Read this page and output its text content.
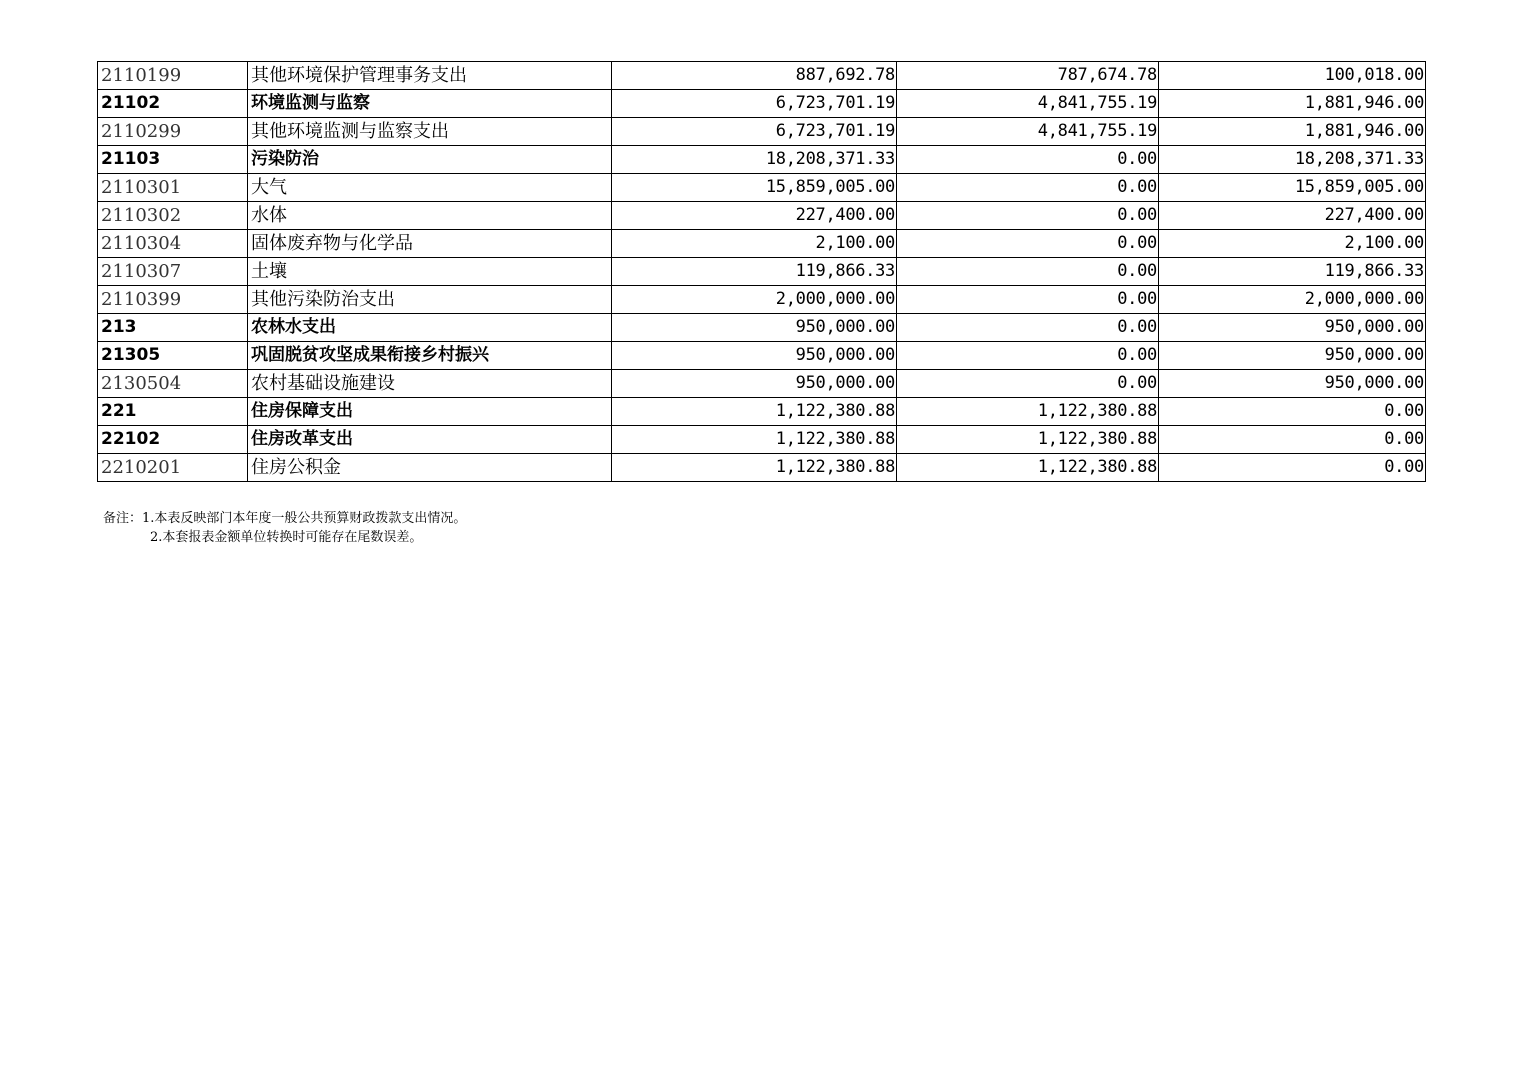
2110199	其他环境保护管理事务支出	887,692.78	787,674.78	100,018.00
21102	环境监测与监察	6,723,701.19	4,841,755.19	1,881,946.00
2110299	其他环境监测与监察支出	6,723,701.19	4,841,755.19	1,881,946.00
21103	污染防治	18,208,371.33	0.00	18,208,371.33
2110301	大气	15,859,005.00	0.00	15,859,005.00
2110302	水体	227,400.00	0.00	227,400.00
2110304	固体废弃物与化学品	2,100.00	0.00	2,100.00
2110307	土壤	119,866.33	0.00	119,866.33
2110399	其他污染防治支出	2,000,000.00	0.00	2,000,000.00
213	农林水支出	950,000.00	0.00	950,000.00
21305	巩固脱贫攻坚成果衔接乡村振兴	950,000.00	0.00	950,000.00
2130504	农村基础设施建设	950,000.00	0.00	950,000.00
221	住房保障支出	1,122,380.88	1,122,380.88	0.00
22102	住房改革支出	1,122,380.88	1,122,380.88	0.00
2210201	住房公积金	1,122,380.88	1,122,380.88	0.00
备注：1.本表反映部门本年度一般公共预算财政拨款支出情况。
2.本套报表金额单位转换时可能存在尾数误差。
